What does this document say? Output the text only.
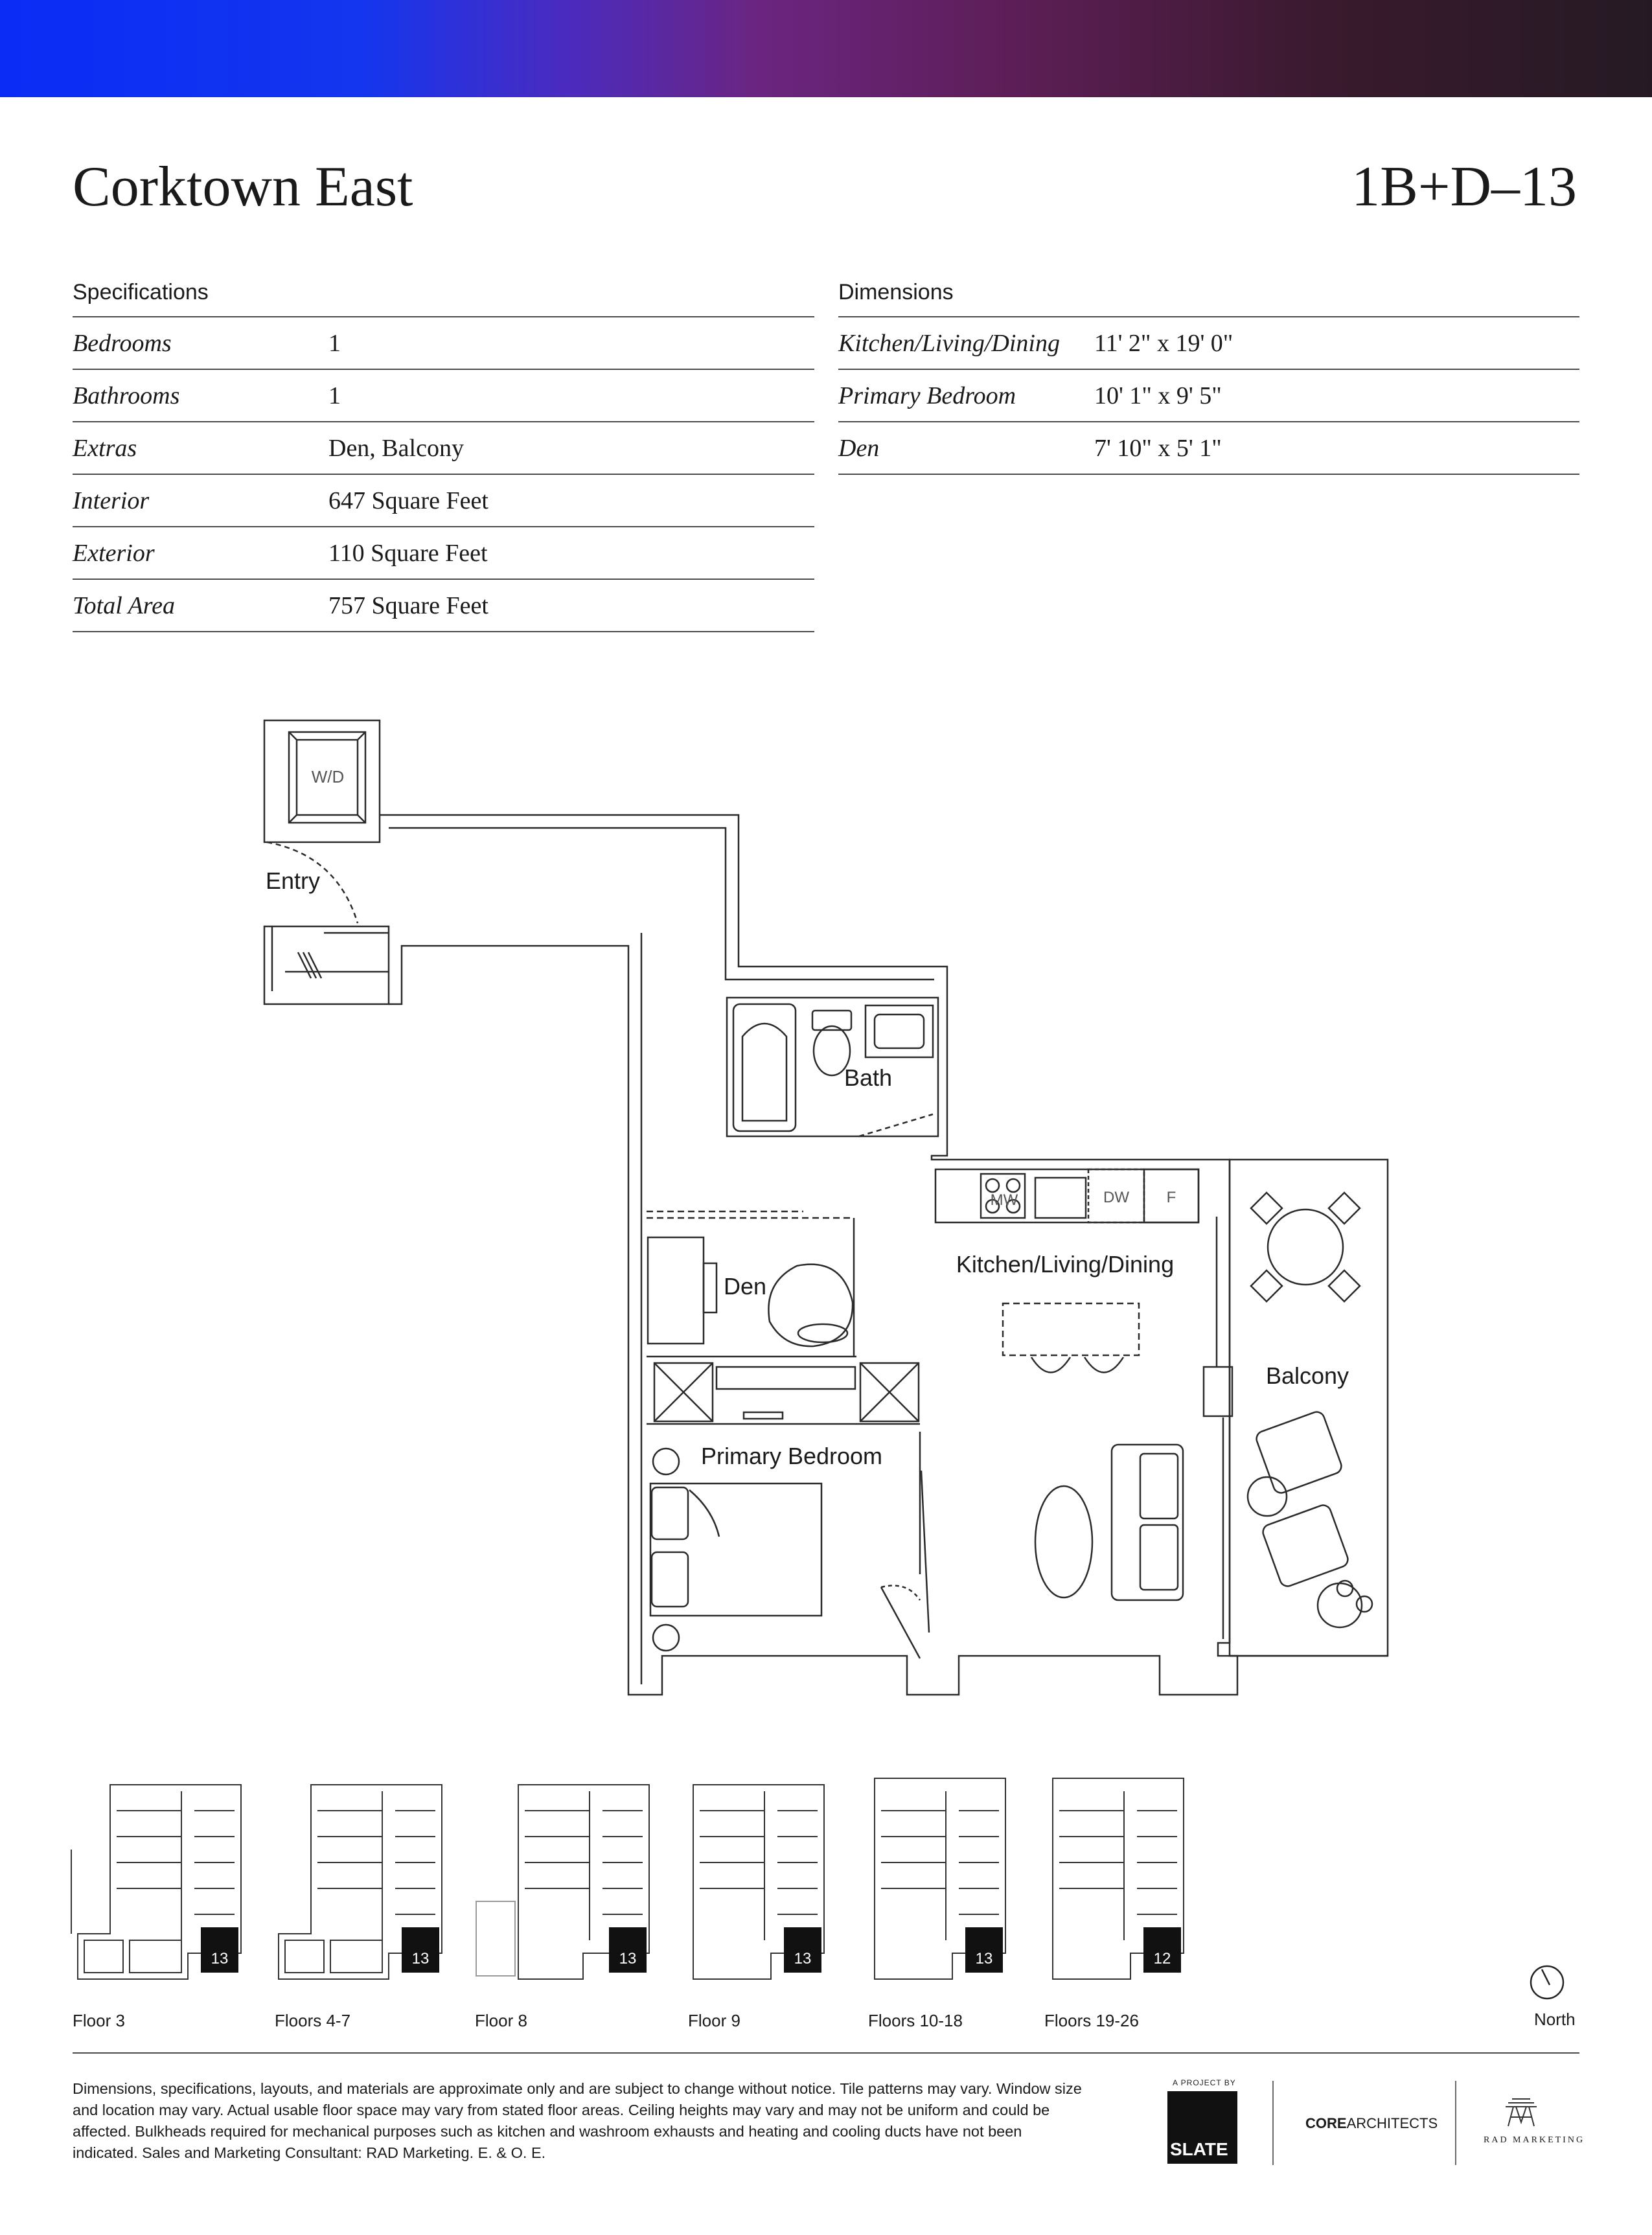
Corktown East	1B+D–13
Specifications
Bedrooms	1
Bathrooms	1
Extras	Den, Balcony
Interior	647 Square Feet
Exterior	110 Square Feet
Total Area	757 Square Feet
Dimensions
Kitchen/Living/Dining 11' 2" x 19' 0"
Primary Bedroom	10' 1" x 9' 5"
Den	7' 10" x 5' 1"
W/D
Entry
Bath
MW	DW F
Den
Kitchen/Living/Dining
Balcony
Primary Bedroom
13	13	13	13	13	12
Floor 3	Floors 4-7	Floor 8	Floor 9	Floors 10-18	Floors 19-26	North
Dimensions, specifications, layouts, and materials are approximate only and are subject to change without notice. Tile patterns may vary. Window size and location may vary. Actual usable floor space may vary from stated floor areas. Ceiling heights may vary and may not be uniform and could be affected. Bulkheads required for mechanical purposes such as kitchen and washroom exhausts and heating and cooling ducts have not been indicated. Sales and Marketing Consultant: RAD Marketing. E. & O. E.
A PROJECT BY
SLATE
COREARCHITECTS
RAD MARKETING
